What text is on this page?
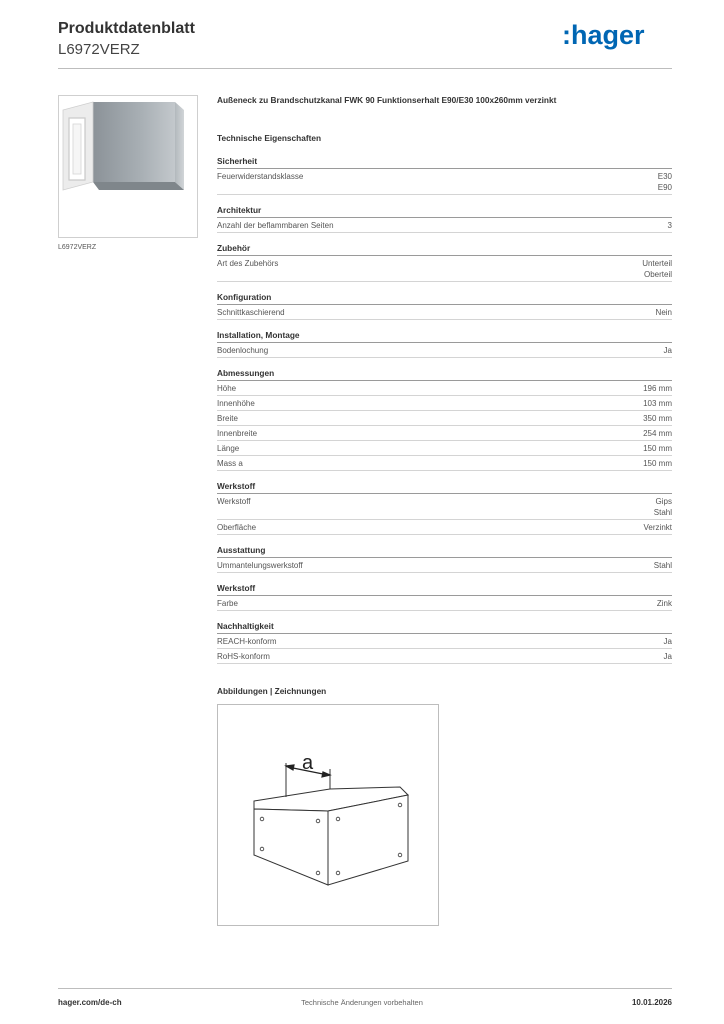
Produktdatenblatt
L6972VERZ	:hager
L6972VERZ
Außeneck zu Brandschutzkanal FWK 90 Funktionserhalt E90/E30 100x260mm verzinkt
Technische Eigenschaften
Sicherheit
Feuerwiderstandsklasse	E30
E90
Architektur
Anzahl der beflammbaren Seiten	3
Zubehör
Art des Zubehörs	Unterteil
Oberteil
Konfiguration
Schnittkaschierend	Nein
Installation, Montage
Bodenlochung	Ja
Abmessungen
Höhe	196 mm
Innenhöhe	103 mm
Breite	350 mm
Innenbreite	254 mm
Länge	150 mm
Mass a	150 mm
Werkstoff
Werkstoff	Gips
Stahl
Oberfläche	Verzinkt
Ausstattung
Ummantelungswerkstoff	Stahl
Werkstoff
Farbe	Zink
Nachhaltigkeit
REACH-konform	Ja
RoHS-konform	Ja
Abbildungen | Zeichnungen
a
hager.com/de-ch	Technische Änderungen vorbehalten	10.01.2026
